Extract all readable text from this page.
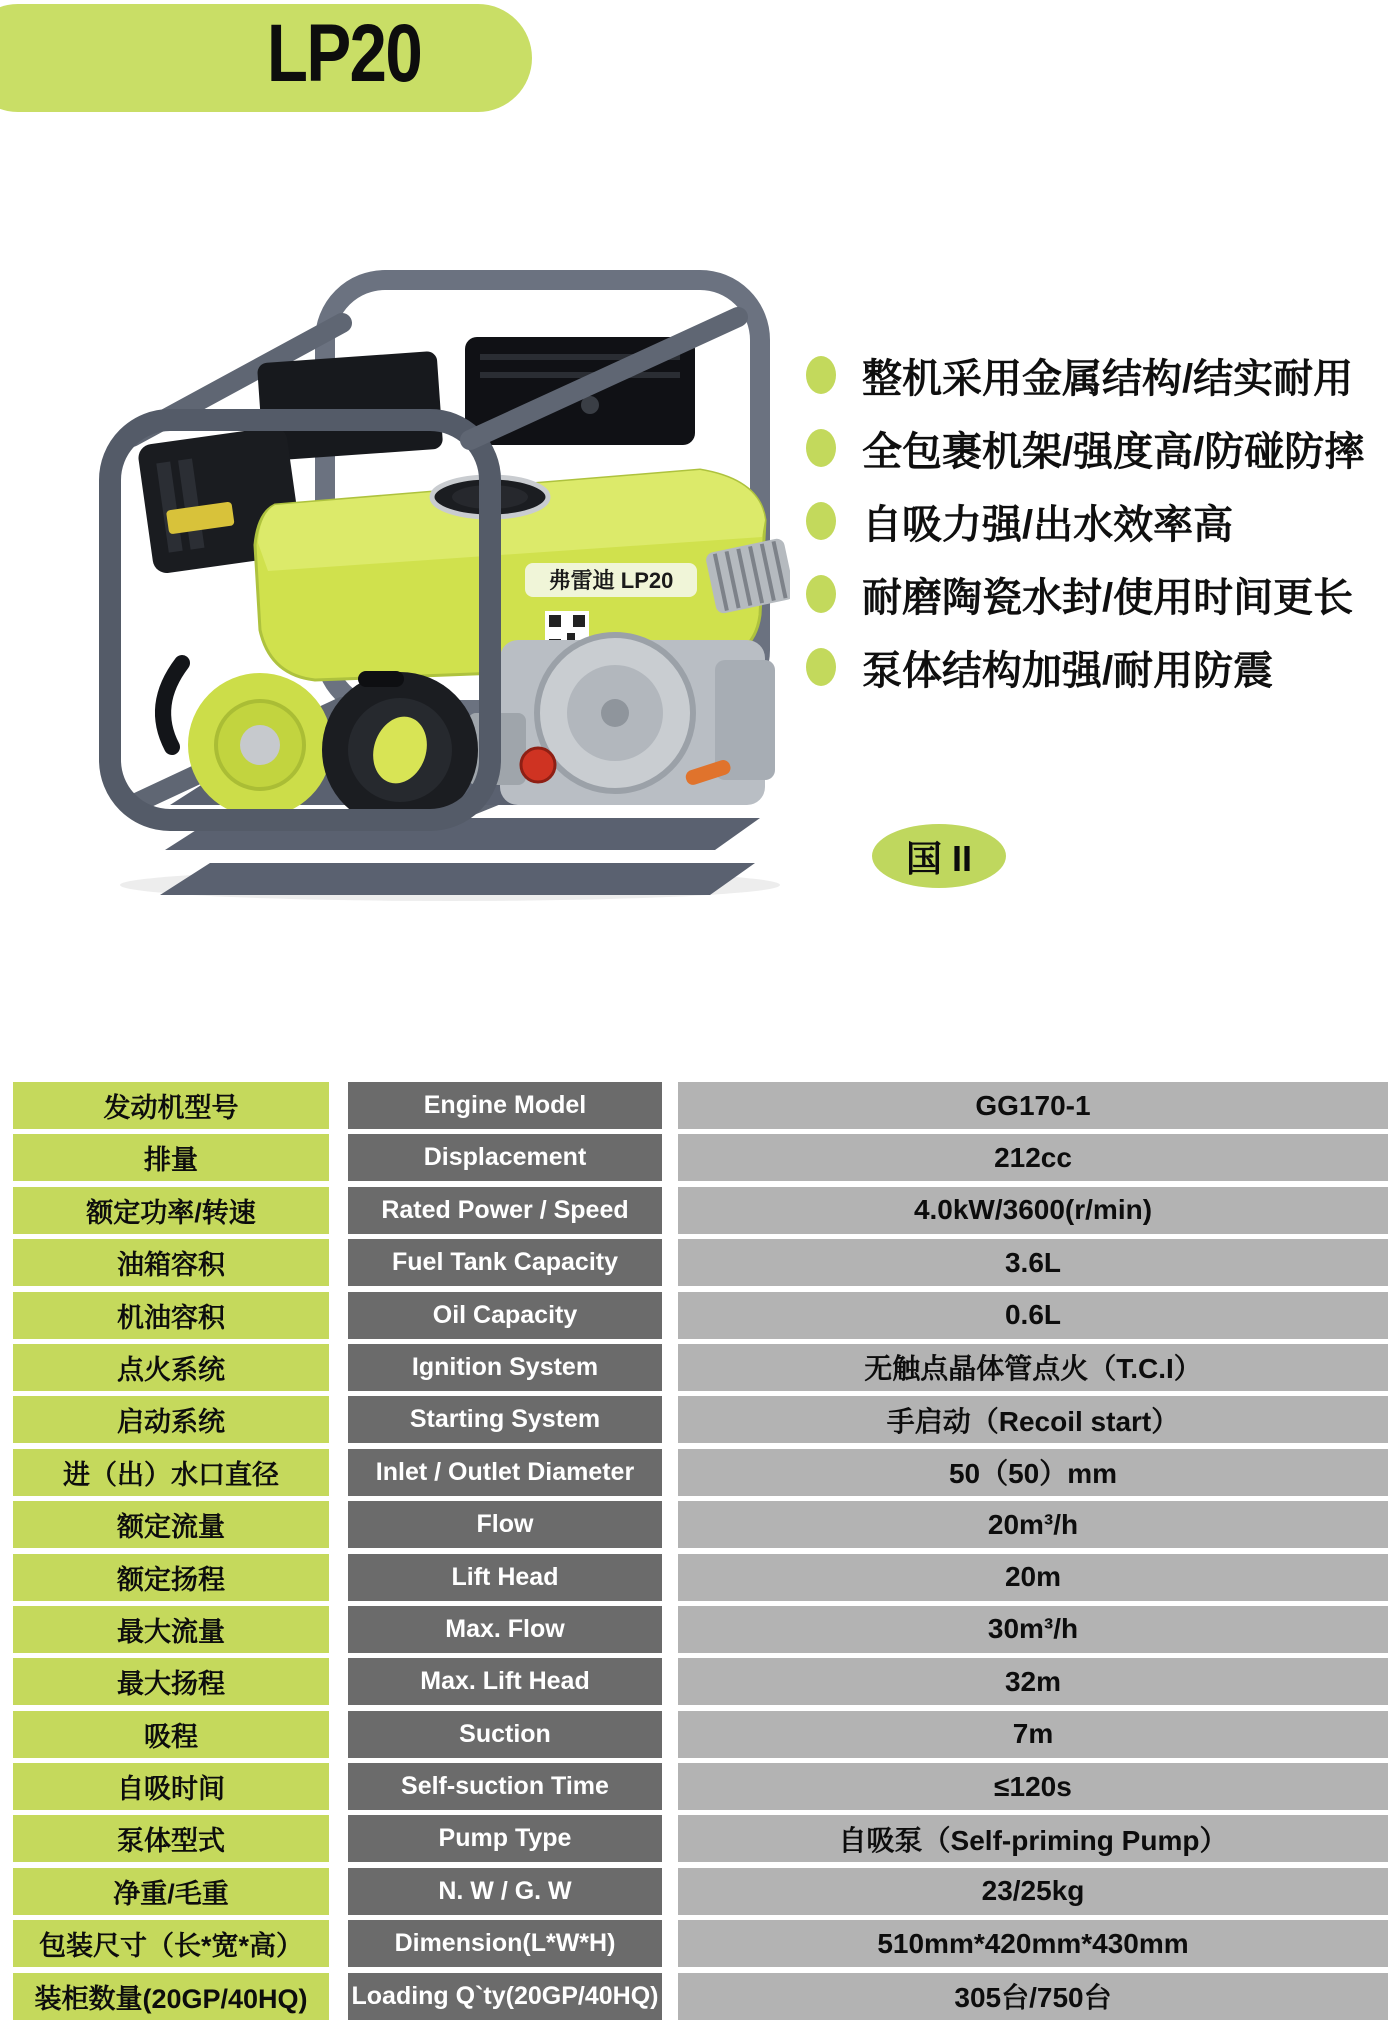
LP20
弗雷迪 LP20
整机采用金属结构/结实耐用
全包裹机架/强度高/防碰防摔
自吸力强/出水效率高
耐磨陶瓷水封/使用时间更长
泵体结构加强/耐用防震
国 II
发动机型号	Engine Model	GG170-1
排量	Displacement	212cc
额定功率/转速	Rated Power / Speed	4.0kW/3600(r/min)
油箱容积	Fuel Tank Capacity	3.6L
机油容积	Oil Capacity	0.6L
点火系统	Ignition System	无触点晶体管点火（T.C.I）
启动系统	Starting System	手启动（Recoil start）
进（出）水口直径	Inlet / Outlet Diameter	50（50）mm
额定流量	Flow	20m³/h
额定扬程	Lift Head	20m
最大流量	Max. Flow	30m³/h
最大扬程	Max. Lift Head	32m
吸程	Suction	7m
自吸时间	Self-suction Time	≤120s
泵体型式	Pump Type	自吸泵（Self-priming Pump）
净重/毛重	N. W / G. W	23/25kg
包装尺寸（长*宽*高）	Dimension(L*W*H)	510mm*420mm*430mm
装柜数量(20GP/40HQ)	Loading Q`ty(20GP/40HQ)	305台/750台
